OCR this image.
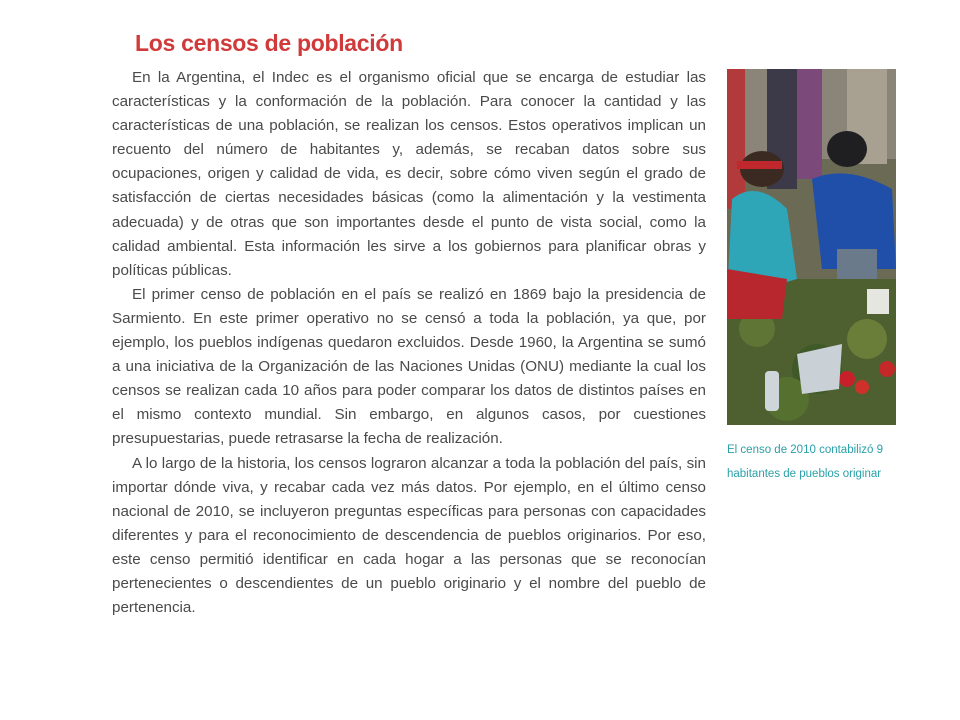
Los censos de población

En la Argentina, el Indec es el organismo oficial que se encarga de estudiar las características y la conformación de la población. Para conocer la cantidad y las características de una población, se realizan los censos. Estos operativos implican un recuento del número de habitantes y, además, se recaban datos sobre sus ocupaciones, origen y calidad de vida, es decir, sobre cómo viven según el grado de satisfacción de ciertas necesidades básicas (como la alimentación y la vestimenta adecuada) y de otras que son importantes desde el punto de vista social, como la calidad ambiental. Esta información les sirve a los gobiernos para planificar obras y políticas públicas.

El primer censo de población en el país se realizó en 1869 bajo la presidencia de Sarmiento. En este primer operativo no se censó a toda la población, ya que, por ejemplo, los pueblos indígenas quedaron excluidos. Desde 1960, la Argentina se sumó a una iniciativa de la Organización de las Naciones Unidas (ONU) mediante la cual los censos se realizan cada 10 años para poder comparar los datos de distintos países en el mismo contexto mundial. Sin embargo, en algunos casos, por cuestiones presupuestarias, puede retrasarse la fecha de realización.

A lo largo de la historia, los censos lograron alcanzar a toda la población del país, sin importar dónde viva, y recabar cada vez más datos. Por ejemplo, en el último censo nacional de 2010, se incluyeron preguntas específicas para personas con capacidades diferentes y para el reconocimiento de descendencia de pueblos originarios. Por eso, este censo permitió identificar en cada hogar a las personas que se reconocían pertenecientes o descendientes de un pueblo originario y el nombre del pueblo de pertenencia.

El censo de 2010 contabilizó 9
habitantes de pueblos originar
